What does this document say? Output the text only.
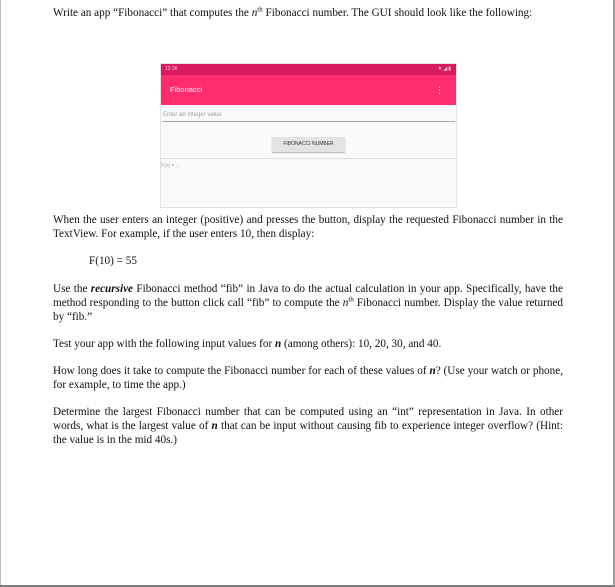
Write an app “Fibonacci” that computes the $n^{th}$ Fibonacci number. The GUI should look like the following:

12:36	▼◢▮
Fibonacci	⋮
Enter an integer value
FIBONACCI NUMBER
F(n) = ...

When the user enters an integer (positive) and presses the button, display the requested Fibonacci number in the TextView. For example, if the user enters 10, then display:

F(10) = 55

Use the recursive Fibonacci method “fib” in Java to do the actual calculation in your app. Specifically, have the method responding to the button click call “fib” to compute the $n^{th}$ Fibonacci number. Display the value returned by “fib.”

Test your app with the following input values for n (among others): 10, 20, 30, and 40.

How long does it take to compute the Fibonacci number for each of these values of n? (Use your watch or phone, for example, to time the app.)

Determine the largest Fibonacci number that can be computed using an “int” representation in Java. In other words, what is the largest value of n that can be input without causing fib to experience integer overflow? (Hint: the value is in the mid 40s.)
